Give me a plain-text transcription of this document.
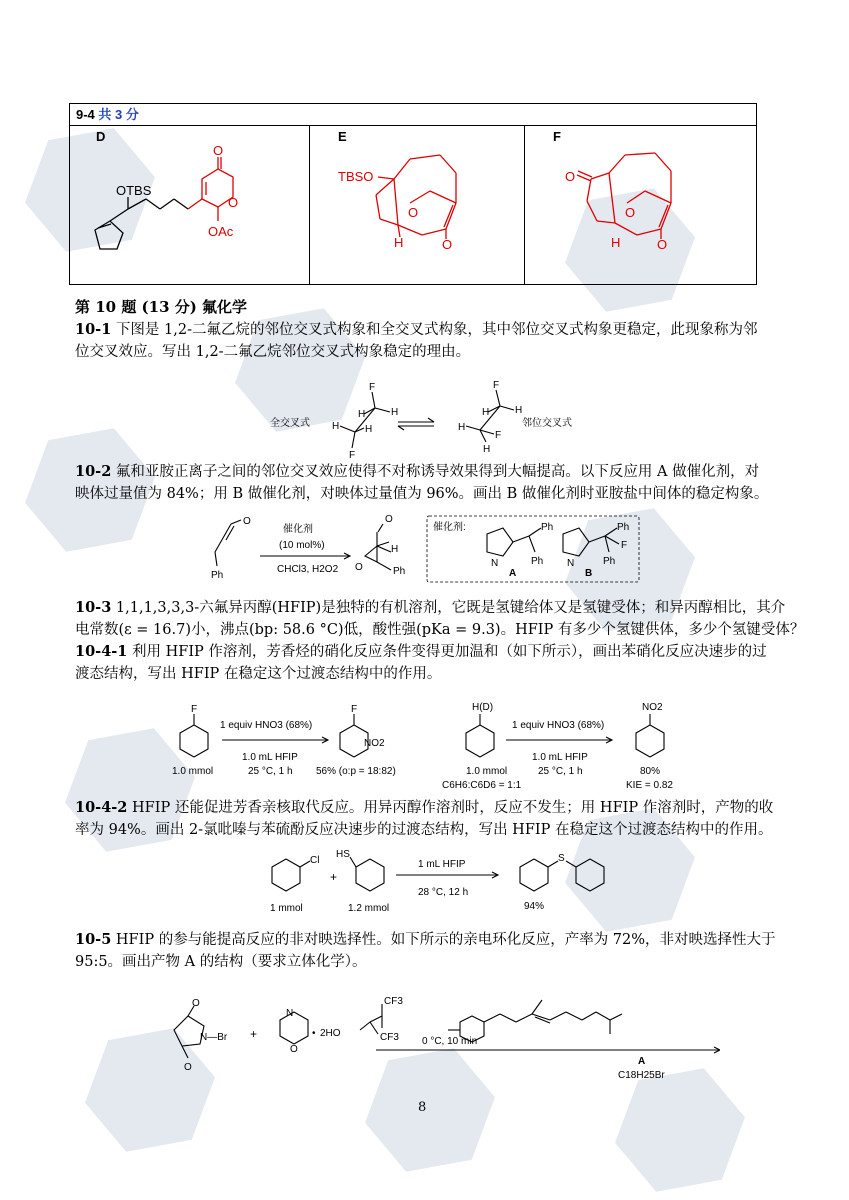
9-4 共 3 分

D
OTBS
O
O
OAc
E
TBSO
O
H	O
F
O
O
H	O
第 10 题 (13 分) 氟化学
10-1 下图是 1,2-二氟乙烷的邻位交叉式构象和全交叉式构象，其中邻位交叉式构象更稳定，此现象称为邻
位交叉效应。写出 1,2-二氟乙烷邻位交叉式构象稳定的理由。
全交叉式
F
H
H
H	H
F
F
H
H
H
F
H
邻位交叉式
10-2 氟和亚胺正离子之间的邻位交叉效应使得不对称诱导效果得到大幅提高。以下反应用 A 做催化剂，对
映体过量值为 84%；用 B 做催化剂，对映体过量值为 96%。画出 B 做催化剂时亚胺盐中间体的稳定构象。
O
Ph
催化剂
(10 mol%)
CHCl3, H2O2
O
H
O	Ph
催化剂:
N
Ph
Ph
A
N
Ph
F
Ph
B
10-3 1,1,1,3,3,3-六氟异丙醇(HFIP)是独特的有机溶剂，它既是氢键给体又是氢键受体；和异丙醇相比，其介
电常数(ε = 16.7)小，沸点(bp: 58.6 °C)低，酸性强(pKa = 9.3)。HFIP 有多少个氢键供体，多少个氢键受体？
10-4-1 利用 HFIP 作溶剂，芳香烃的硝化反应条件变得更加温和（如下所示），画出苯硝化反应决速步的过
渡态结构，写出 HFIP 在稳定这个过渡态结构中的作用。
F
1 equiv HNO3 (68%)
1.0 mL HFIP
25 °C, 1 h
1.0 mmol
F
NO2
56% (o:p = 18:82)
H(D)
1 equiv HNO3 (68%)
1.0 mL HFIP
25 °C, 1 h
1.0 mmol
C6H6:C6D6 = 1:1
NO2
80%
KIE = 0.82
10-4-2 HFIP 还能促进芳香亲核取代反应。用异丙醇作溶剂时，反应不发生；用 HFIP 作溶剂时，产物的收
率为 94%。画出 2-氯吡嗪与苯硫酚反应决速步的过渡态结构，写出 HFIP 在稳定这个过渡态结构中的作用。
Cl
HS
+
1 mL HFIP
28 °C, 12 h
S
1 mmol	1.2 mmol	94%
10-5 HFIP 的参与能提高反应的非对映选择性。如下所示的亲电环化反应，产率为 72%，非对映选择性大于
95:5。画出产物 A 的结构（要求立体化学）。
O
N—Br
O
+
N
O
• 2HO
CF3
CF3 0 °C, 10 min
A
C18H25Br
8
